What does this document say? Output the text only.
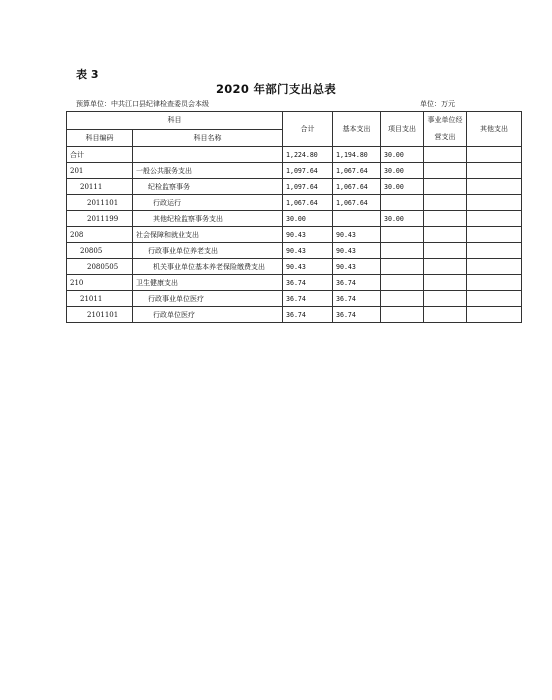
表 3
2020 年部门支出总表
预算单位：中共江口县纪律检查委员会本级	单位：万元
科目		合计	基本支出	项目支出	事业单位经营支出	其他支出
科目编码	科目名称					
合计		1,224.80	1,194.80	30.00		
201	一般公共服务支出	1,097.64	1,067.64	30.00		
20111	纪检监察事务	1,097.64	1,067.64	30.00		
2011101	行政运行	1,067.64	1,067.64			
2011199	其他纪检监察事务支出	30.00		30.00		
208	社会保障和就业支出	90.43	90.43			
20805	行政事业单位养老支出	90.43	90.43			
2080505	机关事业单位基本养老保险缴费支出	90.43	90.43			
210	卫生健康支出	36.74	36.74			
21011	行政事业单位医疗	36.74	36.74			
2101101	行政单位医疗	36.74	36.74			
